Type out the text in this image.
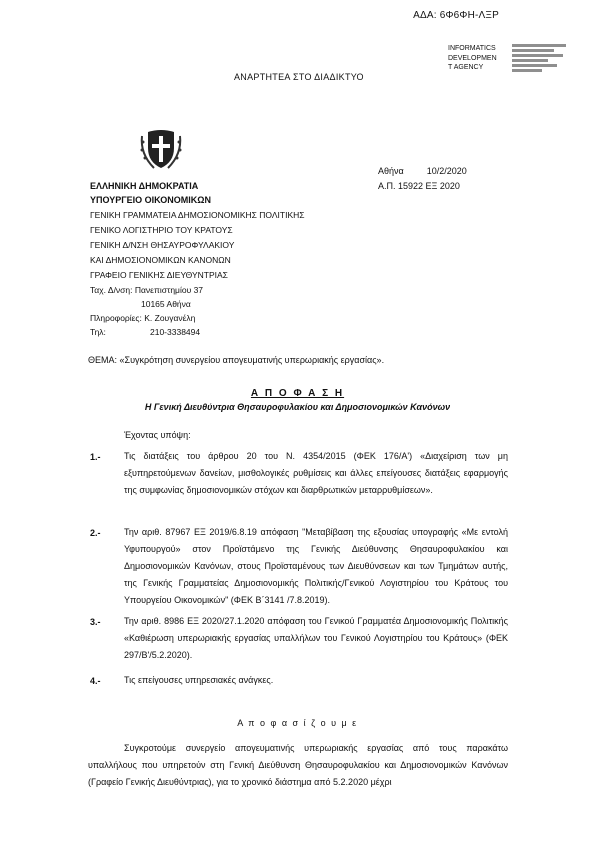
ΑΔΑ: 6Φ6ΦΗ-ΛΞΡ
INFORMATICS
DEVELOPMEN
T AGENCY
ΑΝΑΡΤΗΤΕΑ ΣΤΟ ΔΙΑΔΙΚΤΥΟ
Αθήνα	10/2/2020
Α.Π. 15922 ΕΞ 2020
ΕΛΛΗΝΙΚΗ ΔΗΜΟΚΡΑΤΙΑ
ΥΠΟΥΡΓΕΙΟ ΟΙΚΟΝΟΜΙΚΩΝ
ΓΕΝΙΚΗ ΓΡΑΜΜΑΤΕΙΑ ΔΗΜΟΣΙΟΝΟΜΙΚΗΣ ΠΟΛΙΤΙΚΗΣ
ΓΕΝΙΚΟ ΛΟΓΙΣΤΗΡΙΟ ΤΟΥ ΚΡΑΤΟΥΣ
ΓΕΝΙΚΗ Δ/ΝΣΗ ΘΗΣΑΥΡΟΦΥΛΑΚΙΟΥ
ΚΑΙ ΔΗΜΟΣΙΟΝΟΜΙΚΩΝ ΚΑΝΟΝΩΝ
ΓΡΑΦΕΙΟ ΓΕΝΙΚΗΣ ΔΙΕΥΘΥΝΤΡΙΑΣ
Ταχ. Δ/νση: Πανεπιστημίου 37
10165 Αθήνα
Πληροφορίες: Κ. Ζουγανέλη
Τηλ:	210-3338494
ΘΕΜΑ: «Συγκρότηση συνεργείου απογευματινής υπερωριακής εργασίας».
Α Π Ο Φ Α Σ Η
Η Γενική Διευθύντρια Θησαυροφυλακίου και Δημοσιονομικών Κανόνων
Έχοντας υπόψη:
1.-	Τις διατάξεις του άρθρου 20 του Ν. 4354/2015 (ΦΕΚ 176/Α') «Διαχείριση των μη εξυπηρετούμενων δανείων, μισθολογικές ρυθμίσεις και άλλες επείγουσες διατάξεις εφαρμογής της συμφωνίας δημοσιονομικών στόχων και διαρθρωτικών μεταρρυθμίσεων».
2.-	Την αριθ. 87967 ΕΞ 2019/6.8.19 απόφαση "Μεταβίβαση της εξουσίας υπογραφής «Με εντολή Υφυπουργού» στον Προϊστάμενο της Γενικής Διεύθυνσης Θησαυροφυλακίου και Δημοσιονομικών Κανόνων, στους Προϊσταμένους των Διευθύνσεων και των Τμημάτων αυτής, της Γενικής Γραμματείας Δημοσιονομικής Πολιτικής/Γενικού Λογιστηρίου του Κράτους του Υπουργείου Οικονομικών" (ΦΕΚ Β΄3141 /7.8.2019).
3.-	Την αριθ. 8986 ΕΞ 2020/27.1.2020 απόφαση του Γενικού Γραμματέα Δημοσιονομικής Πολιτικής «Καθιέρωση υπερωριακής εργασίας υπαλλήλων του Γενικού Λογιστηρίου του Κράτους» (ΦΕΚ 297/Β'/5.2.2020).
4.-	Τις επείγουσες υπηρεσιακές ανάγκες.
Α π ο φ α σ ί ζ ο υ μ ε
Συγκροτούμε συνεργείο απογευματινής υπερωριακής εργασίας από τους παρακάτω υπαλλήλους που υπηρετούν στη Γενική Διεύθυνση Θησαυροφυλακίου και Δημοσιονομικών Κανόνων (Γραφείο Γενικής Διευθύντριας), για το χρονικό διάστημα από 5.2.2020 μέχρι
